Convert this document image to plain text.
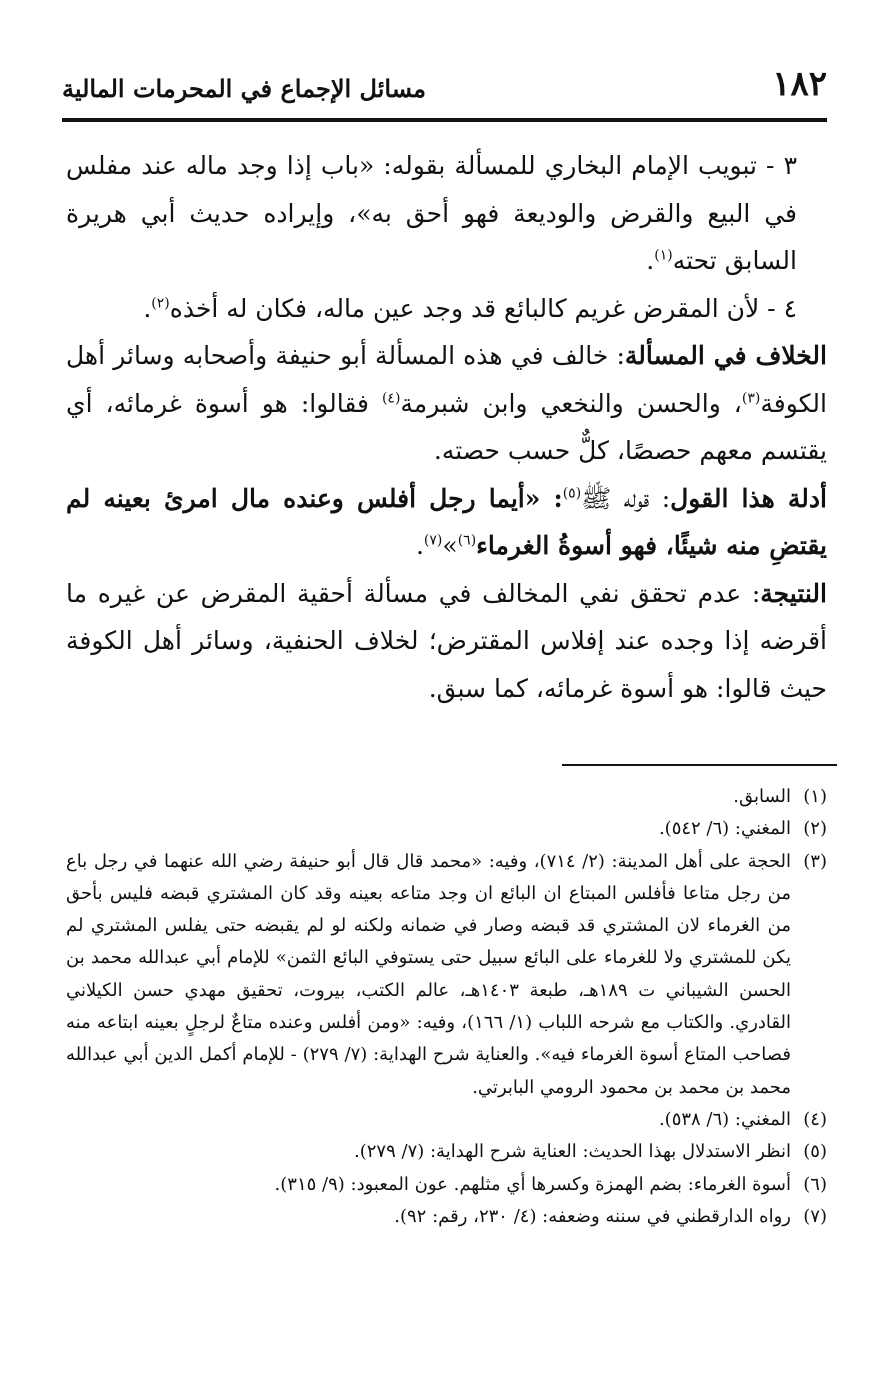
١٨٢
مسائل الإجماع في المحرمات المالية

٣ - تبويب الإمام البخاري للمسألة بقوله: «باب إذا وجد ماله عند مفلس في البيع والقرض والوديعة فهو أحق به»، وإيراده حديث أبي هريرة السابق تحته$^{(١)}$.

٤ - لأن المقرض غريم كالبائع قد وجد عين ماله، فكان له أخذه$^{(٢)}$.

الخلاف في المسألة: خالف في هذه المسألة أبو حنيفة وأصحابه وسائر أهل الكوفة$^{(٣)}$، والحسن والنخعي وابن شبرمة$^{(٤)}$ فقالوا: هو أسوة غرمائه، أي يقتسم معهم حصصًا، كلٌّ حسب حصته.

أدلة هذا القول: قوله ﷺ$^{(٥)}$: «أيما رجل أفلس وعنده مال امرئ بعينه لم يقتضِ منه شيئًا، فهو أسوةُ الغرماء$^{(٦)}$»$^{(٧)}$.

النتيجة: عدم تحقق نفي المخالف في مسألة أحقية المقرض عن غيره ما أقرضه إذا وجده عند إفلاس المقترض؛ لخلاف الحنفية، وسائر أهل الكوفة حيث قالوا: هو أسوة غرمائه، كما سبق.

(١)
السابق.
(٢)
المغني: (٦/ ٥٤٢).
(٣)
الحجة على أهل المدينة: (٢/ ٧١٤)، وفيه: «محمد قال قال أبو حنيفة رضي الله عنهما في رجل باع من رجل متاعا فأفلس المبتاع ان البائع ان وجد متاعه بعينه وقد كان المشتري قبضه فليس بأحق من الغرماء لان المشتري قد قبضه وصار في ضمانه ولكنه لو لم يقبضه حتى يفلس المشتري لم يكن للمشتري ولا للغرماء على البائع سبيل حتى يستوفي البائع الثمن» للإمام أبي عبدالله محمد بن الحسن الشيباني ت ١٨٩هـ، طبعة ١٤٠٣هـ، عالم الكتب، بيروت، تحقيق مهدي حسن الكيلاني القادري. والكتاب مع شرحه اللباب (١/ ١٦٦)، وفيه: «ومن أفلس وعنده متاعٌ لرجلٍ بعينه ابتاعه منه فصاحب المتاع أسوة الغرماء فيه». والعناية شرح الهداية: (٧/ ٢٧٩) - للإمام أكمل الدين أبي عبدالله محمد بن محمد بن محمود الرومي البابرتي.
(٤)
المغني: (٦/ ٥٣٨).
(٥)
انظر الاستدلال بهذا الحديث: العناية شرح الهداية: (٧/ ٢٧٩).
(٦)
أسوة الغرماء: بضم الهمزة وكسرها أي مثلهم. عون المعبود: (٩/ ٣١٥).
(٧)
رواه الدارقطني في سننه وضعفه: (٤/ ٢٣٠، رقم: ٩٢).
